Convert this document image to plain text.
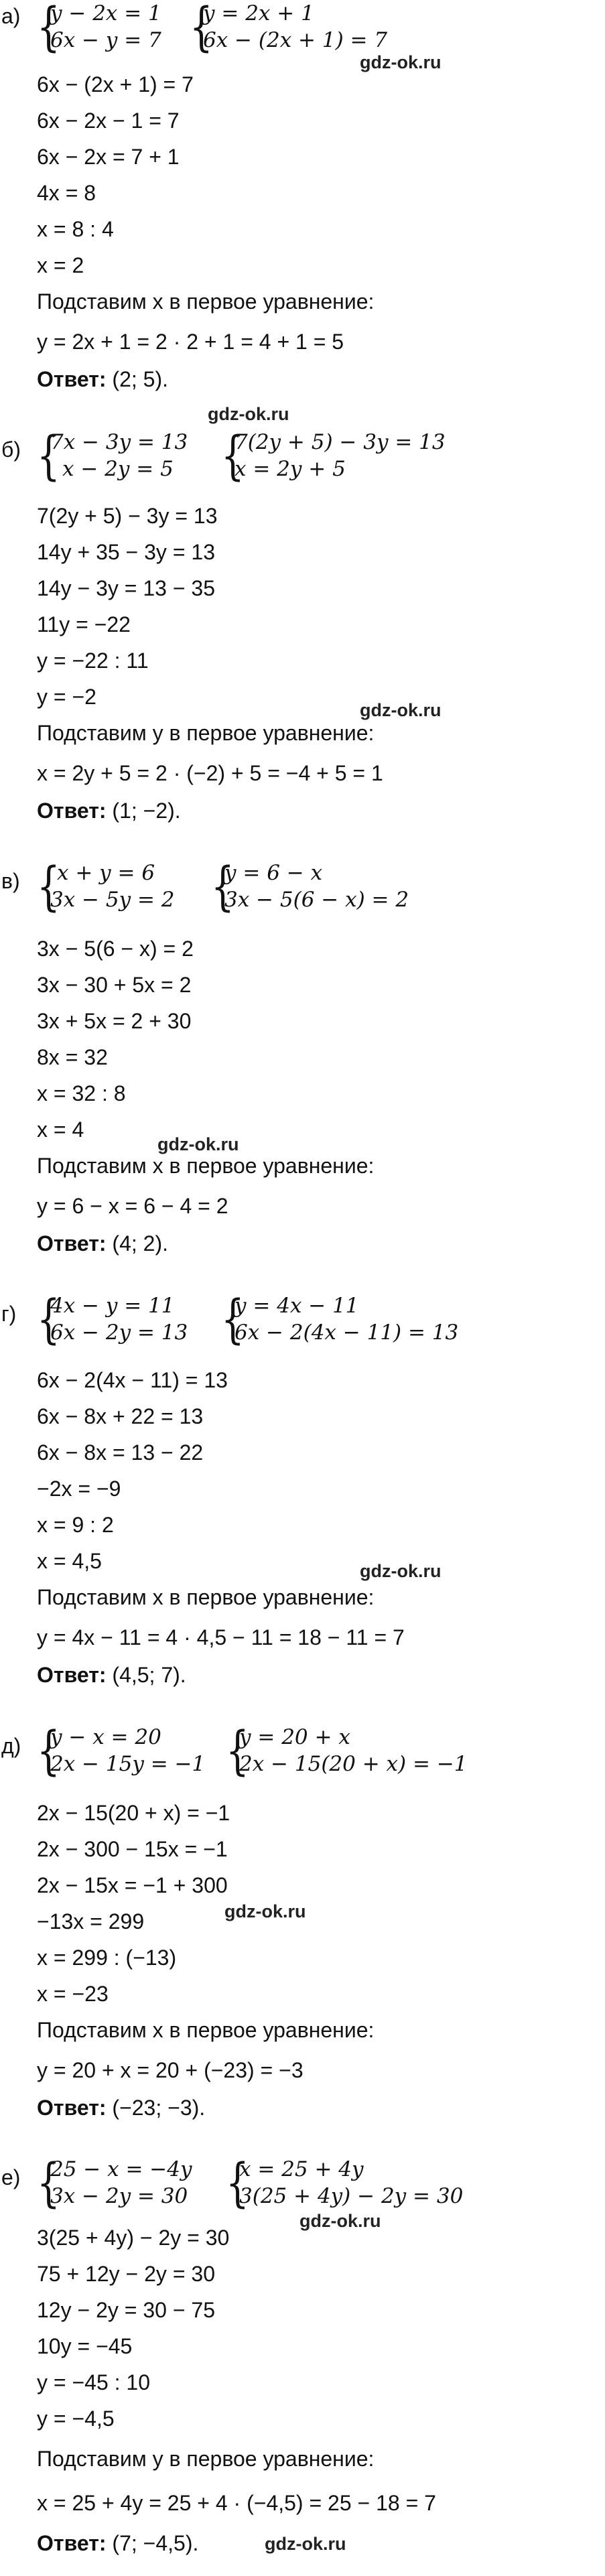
а) {
y − 2x = 1
6x − y = 7 {
y = 2x + 1
6x − (2x + 1) = 7
gdz-ok.ru
6x − (2x + 1) = 7
6x − 2x − 1 = 7
6x − 2x = 7 + 1
4x = 8
x = 8 : 4
x = 2
Подставим x в первое уравнение:
y = 2x + 1 = 2 · 2 + 1 = 4 + 1 = 5
Ответ: (2; 5).
gdz-ok.ru
б) {
7x − 3y = 13
x − 2y = 5 {
7(2y + 5) − 3y = 13
x = 2y + 5
7(2y + 5) − 3y = 13
14y + 35 − 3y = 13
14y − 3y = 13 − 35
11y = −22
y = −22 : 11
y = −2
gdz-ok.ru
Подставим y в первое уравнение:
x = 2y + 5 = 2 · (−2) + 5 = −4 + 5 = 1
Ответ: (1; −2).
в) {
x + y = 6
3x − 5y = 2 {
y = 6 − x
3x − 5(6 − x) = 2
3x − 5(6 − x) = 2
3x − 30 + 5x = 2
3x + 5x = 2 + 30
8x = 32
x = 32 : 8
x = 4
gdz-ok.ru
Подставим x в первое уравнение:
y = 6 − x = 6 − 4 = 2
Ответ: (4; 2).
г) {
4x − y = 11
6x − 2y = 13 {
y = 4x − 11
6x − 2(4x − 11) = 13
6x − 2(4x − 11) = 13
6x − 8x + 22 = 13
6x − 8x = 13 − 22
−2x = −9
x = 9 : 2
x = 4,5	gdz-ok.ru
Подставим x в первое уравнение:
y = 4x − 11 = 4 · 4,5 − 11 = 18 − 11 = 7
Ответ: (4,5; 7).
д) {
y − x = 20
2x − 15y = −1 {
y = 20 + x
2x − 15(20 + x) = −1
2x − 15(20 + x) = −1
2x − 300 − 15x = −1
2x − 15x = −1 + 300
−13x = 299	gdz-ok.ru
x = 299 : (−13)
x = −23
Подставим x в первое уравнение:
y = 20 + x = 20 + (−23) = −3
Ответ: (−23; −3).
е) {
25 − x = −4y
3x − 2y = 30 {
x = 25 + 4y
3(25 + 4y) − 2y = 30
gdz-ok.ru
3(25 + 4y) − 2y = 30
75 + 12y − 2y = 30
12y − 2y = 30 − 75
10y = −45
y = −45 : 10
y = −4,5
Подставим y в первое уравнение:
x = 25 + 4y = 25 + 4 · (−4,5) = 25 − 18 = 7
Ответ: (7; −4,5).	gdz-ok.ru
